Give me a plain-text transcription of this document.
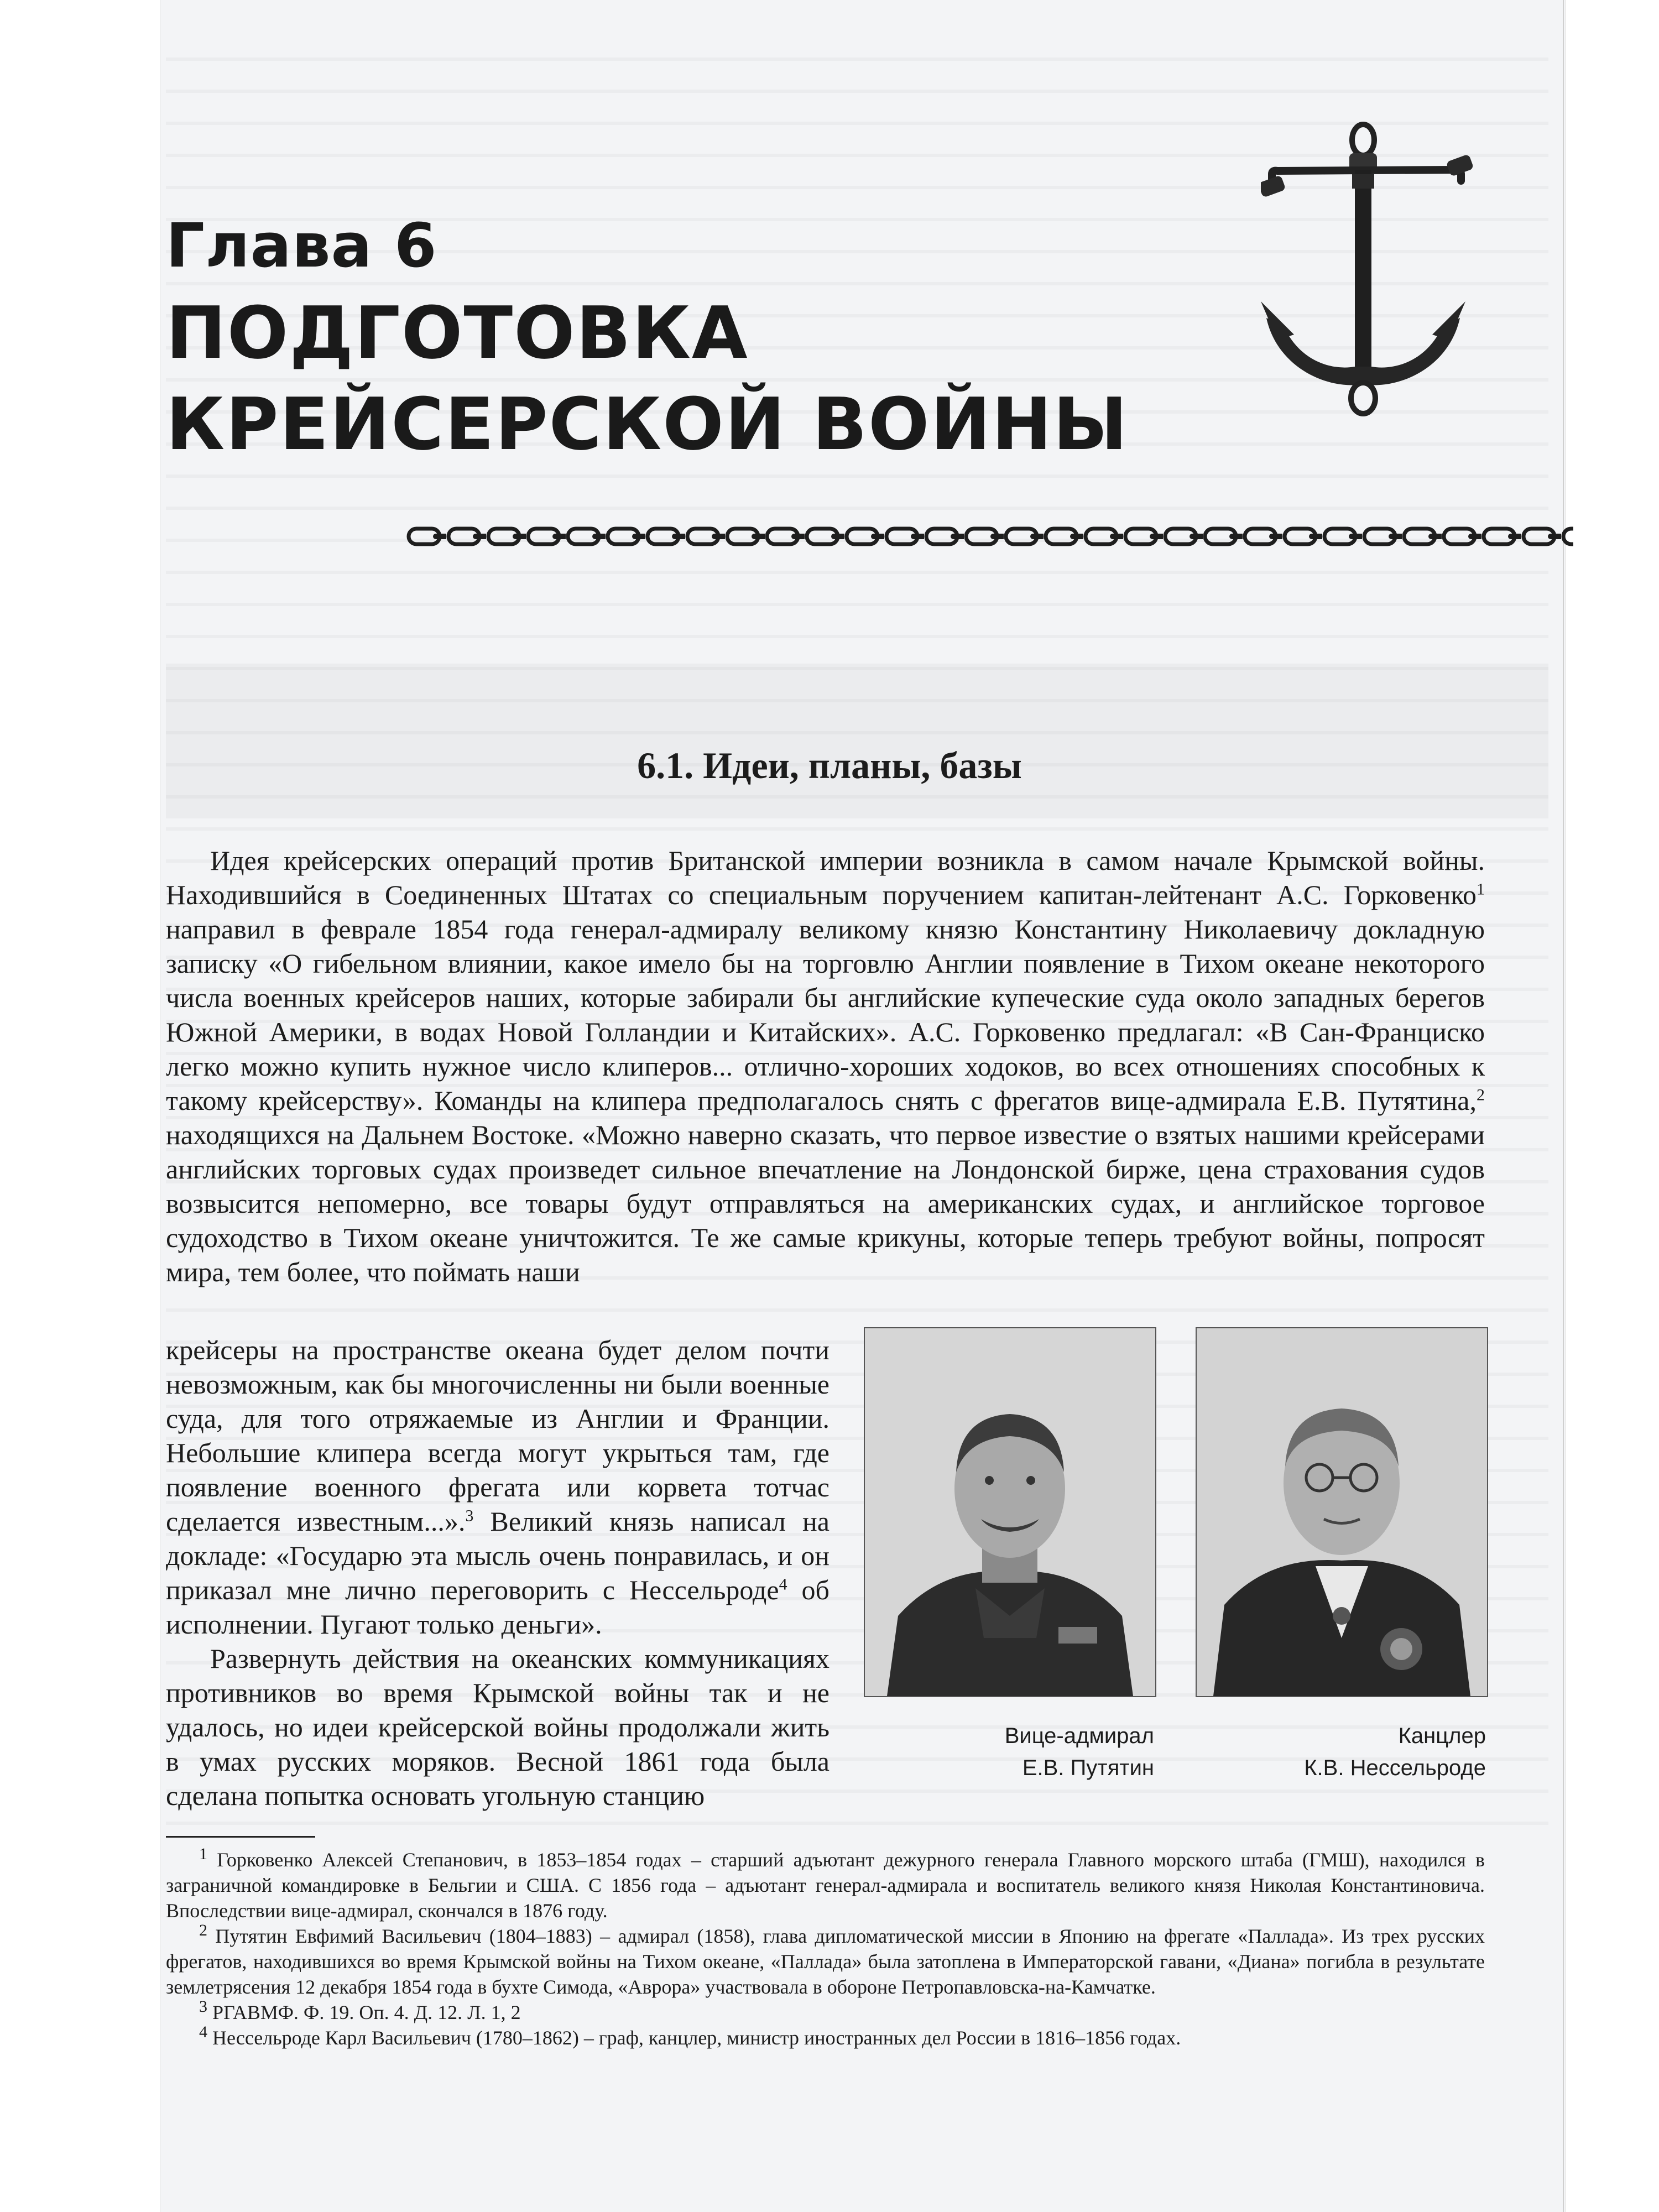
Глава 6
ПОДГОТОВКА
КРЕЙСЕРСКОЙ ВОЙНЫ
6.1. Идеи, планы, базы

Идея крейсерских операций против Британской империи возникла в самом начале Крымской войны. Находившийся в Соединенных Штатах со специальным поручением капитан-лейтенант А.С. Горковенко$^1$ направил в феврале 1854 года генерал-адмиралу великому князю Константину Николаевичу докладную записку «О гибельном влиянии, какое имело бы на торговлю Англии появление в Тихом океане некоторого числа военных крейсеров наших, которые забирали бы английские купеческие суда около западных берегов Южной Америки, в водах Новой Голландии и Китайских». А.С. Горковенко предлагал: «В Сан-Франциско легко можно купить нужное число клиперов... отлично-хороших ходоков, во всех отношениях способных к такому крейсерству». Команды на клипера предполагалось снять с фрегатов вице-адмирала Е.В. Путятина,$^2$ находящихся на Дальнем Востоке. «Можно наверно сказать, что первое известие о взятых нашими крейсерами английских торговых судах произведет сильное впечатление на Лондонской бирже, цена страхования судов возвысится непомерно, все товары будут отправляться на американских судах, и английское торговое судоходство в Тихом океане уничтожится. Те же самые крикуны, которые теперь требуют войны, попросят мира, тем более, что поймать наши

крейсеры на пространстве океана будет делом почти невозможным, как бы многочисленны ни были военные суда, для того отряжаемые из Англии и Франции. Небольшие клипера всегда могут укрыться там, где появление военного фрегата или корвета тотчас сделается известным...».$^3$ Великий князь написал на докладе: «Государю эта мысль очень понравилась, и он приказал мне лично переговорить с Нессельроде$^4$ об исполнении. Пугают только деньги».

Развернуть действия на океанских коммуникациях противников во время Крымской войны так и не удалось, но идеи крейсерской войны продолжали жить в умах русских моряков. Весной 1861 года была сделана попытка основать угольную станцию

Вице-адмирал
Е.В. Путятин
Канцлер
К.В. Нессельроде

$^1$ Горковенко Алексей Степанович, в 1853–1854 годах – старший адъютант дежурного генерала Главного морского штаба (ГМШ), находился в заграничной командировке в Бельгии и США. С 1856 года – адъютант генерал-адмирала и воспитатель великого князя Николая Константиновича. Впоследствии вице-адмирал, скончался в 1876 году.

$^2$ Путятин Евфимий Васильевич (1804–1883) – адмирал (1858), глава дипломатической миссии в Японию на фрегате «Паллада». Из трех русских фрегатов, находившихся во время Крымской войны на Тихом океане, «Паллада» была затоплена в Императорской гавани, «Диана» погибла в результате землетрясения 12 декабря 1854 года в бухте Симода, «Аврора» участвовала в обороне Петропавловска-на-Камчатке.

$^3$ РГАВМФ. Ф. 19. Оп. 4. Д. 12. Л. 1, 2

$^4$ Нессельроде Карл Васильевич (1780–1862) – граф, канцлер, министр иностранных дел России в 1816–1856 годах.
